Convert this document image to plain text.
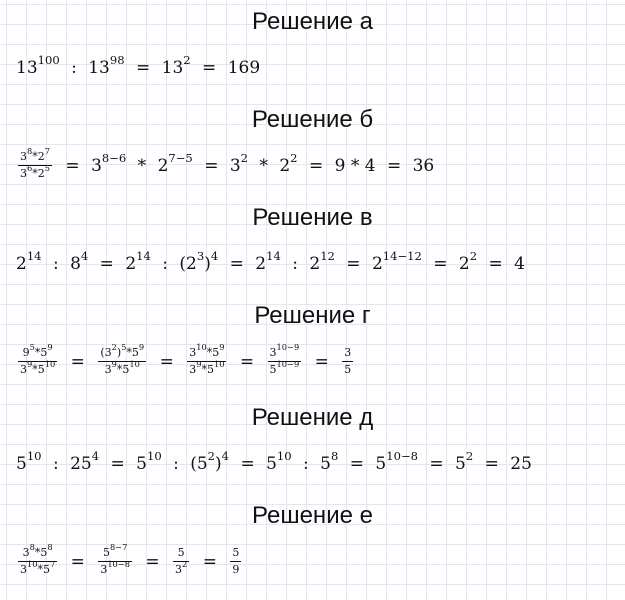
Решение а
$13^{100}$ : $13^{98} = 13^2 = 169$
Решение б
$\frac{3^8*2^7}{3^6*2^5} = 3^{8-6} * 2^{7-5} = 3^2 * 2^2 = 9 * 4 = 36$
Решение в
$2^{14}$ : $8^4 = 2^{14}$ : $(2^3)^4 = 2^{14}$ : $2^{12} = 2^{14-12} = 2^2 = 4$
Решение г
$\frac{9^5*5^9}{3^9*5^{10}} = \frac{(3^2)^5*5^9}{3^9*5^{10}} = \frac{3^{10}*5^9}{3^9*5^{10}} = \frac{3^{10-9}}{5^{10-9}} = \frac{3}{5}$
Решение д
$5^{10}$ : $25^4 = 5^{10}$ : $(5^2)^4 = 5^{10}$ : $5^8 = 5^{10-8} = 5^2 = 25$
Решение е
$\frac{3^8*5^8}{3^{10}*5^7} = \frac{5^{8-7}}{3^{10-8}} = \frac{5}{3^2} = \frac{5}{9}$
